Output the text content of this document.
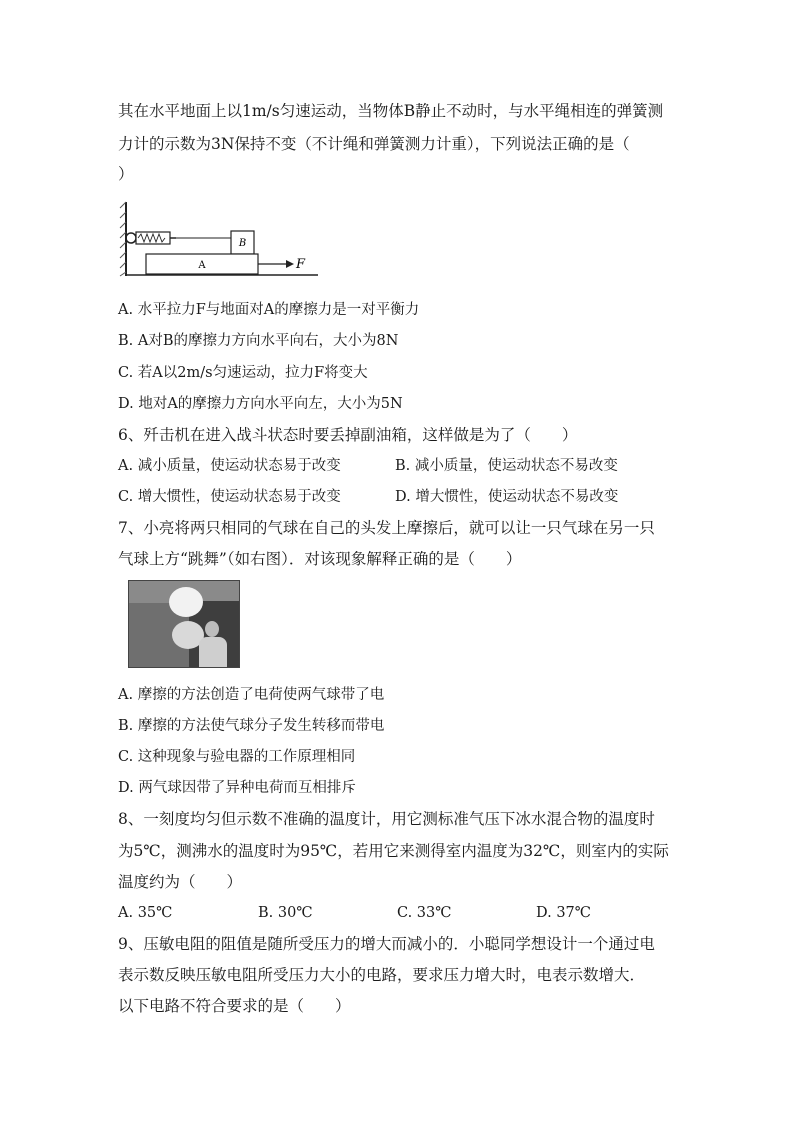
其在水平地面上以1m/s匀速运动，当物体B静止不动时，与水平绳相连的弹簧测
力计的示数为3N保持不变（不计绳和弹簧测力计重），下列说法正确的是（
）
B
A	F
A. 水平拉力F与地面对A的摩擦力是一对平衡力
B. A对B的摩擦力方向水平向右，大小为8N
C. 若A以2m/s匀速运动，拉力F将变大
D. 地对A的摩擦力方向水平向左，大小为5N
6、歼击机在进入战斗状态时要丢掉副油箱，这样做是为了（　　）
A. 减小质量，使运动状态易于改变	B. 减小质量，使运动状态不易改变
C. 增大惯性，使运动状态易于改变	D. 增大惯性，使运动状态不易改变
7、小亮将两只相同的气球在自己的头发上摩擦后，就可以让一只气球在另一只
气球上方“跳舞”（如右图）．对该现象解释正确的是（　　）
A. 摩擦的方法创造了电荷使两气球带了电
B. 摩擦的方法使气球分子发生转移而带电
C. 这种现象与验电器的工作原理相同
D. 两气球因带了异种电荷而互相排斥
8、一刻度均匀但示数不准确的温度计，用它测标准气压下冰水混合物的温度时
为5℃，测沸水的温度时为95℃，若用它来测得室内温度为32℃，则室内的实际
温度约为（　　）
A. 35℃	B. 30℃	C. 33℃	D. 37℃
9、压敏电阻的阻值是随所受压力的增大而减小的．小聪同学想设计一个通过电
表示数反映压敏电阻所受压力大小的电路，要求压力增大时，电表示数增大．
以下电路不符合要求的是（　　）
